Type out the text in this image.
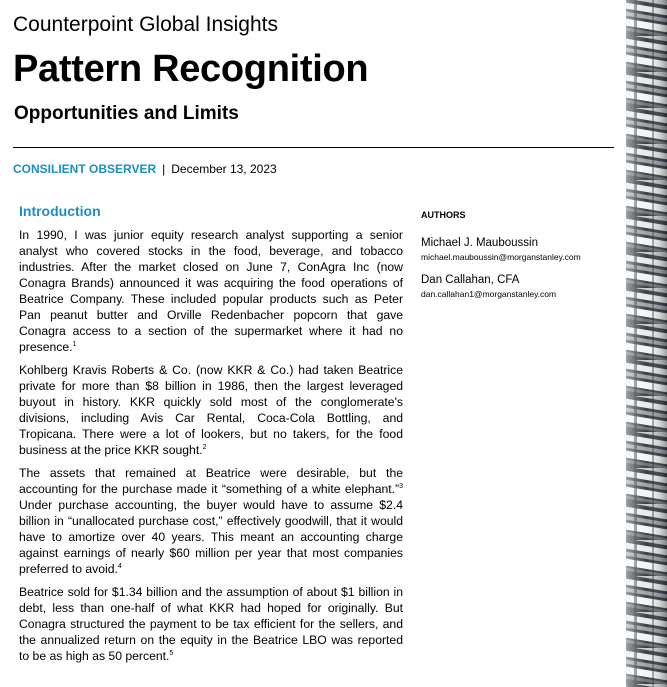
Counterpoint Global Insights
Pattern Recognition
Opportunities and Limits
CONSILIENT OBSERVER | December 13, 2023
Introduction

In 1990, I was junior equity research analyst supporting a senior analyst who covered stocks in the food, beverage, and tobacco industries. After the market closed on June 7, ConAgra Inc (now Conagra Brands) announced it was acquiring the food operations of Beatrice Company. These included popular products such as Peter Pan peanut butter and Orville Redenbacher popcorn that gave Conagra access to a section of the supermarket where it had no presence.$^1$

Kohlberg Kravis Roberts & Co. (now KKR & Co.) had taken Beatrice private for more than $8 billion in 1986, then the largest leveraged buyout in history. KKR quickly sold most of the conglomerate's divisions, including Avis Car Rental, Coca-Cola Bottling, and Tropicana. There were a lot of lookers, but no takers, for the food business at the price KKR sought.$^2$

The assets that remained at Beatrice were desirable, but the accounting for the purchase made it “something of a white elephant.”$^3$ Under purchase accounting, the buyer would have to assume $2.4 billion in “unallocated purchase cost,” effectively goodwill, that it would have to amortize over 40 years. This meant an accounting charge against earnings of nearly $60 million per year that most companies preferred to avoid.$^4$

Beatrice sold for $1.34 billion and the assumption of about $1 billion in debt, less than one-half of what KKR had hoped for originally. But Conagra structured the payment to be tax efficient for the sellers, and the annualized return on the equity in the Beatrice LBO was reported to be as high as 50 percent.$^5$

AUTHORS
Michael J. Mauboussin
michael.mauboussin@morganstanley.com
Dan Callahan, CFA
dan.callahan1@morganstanley.com
